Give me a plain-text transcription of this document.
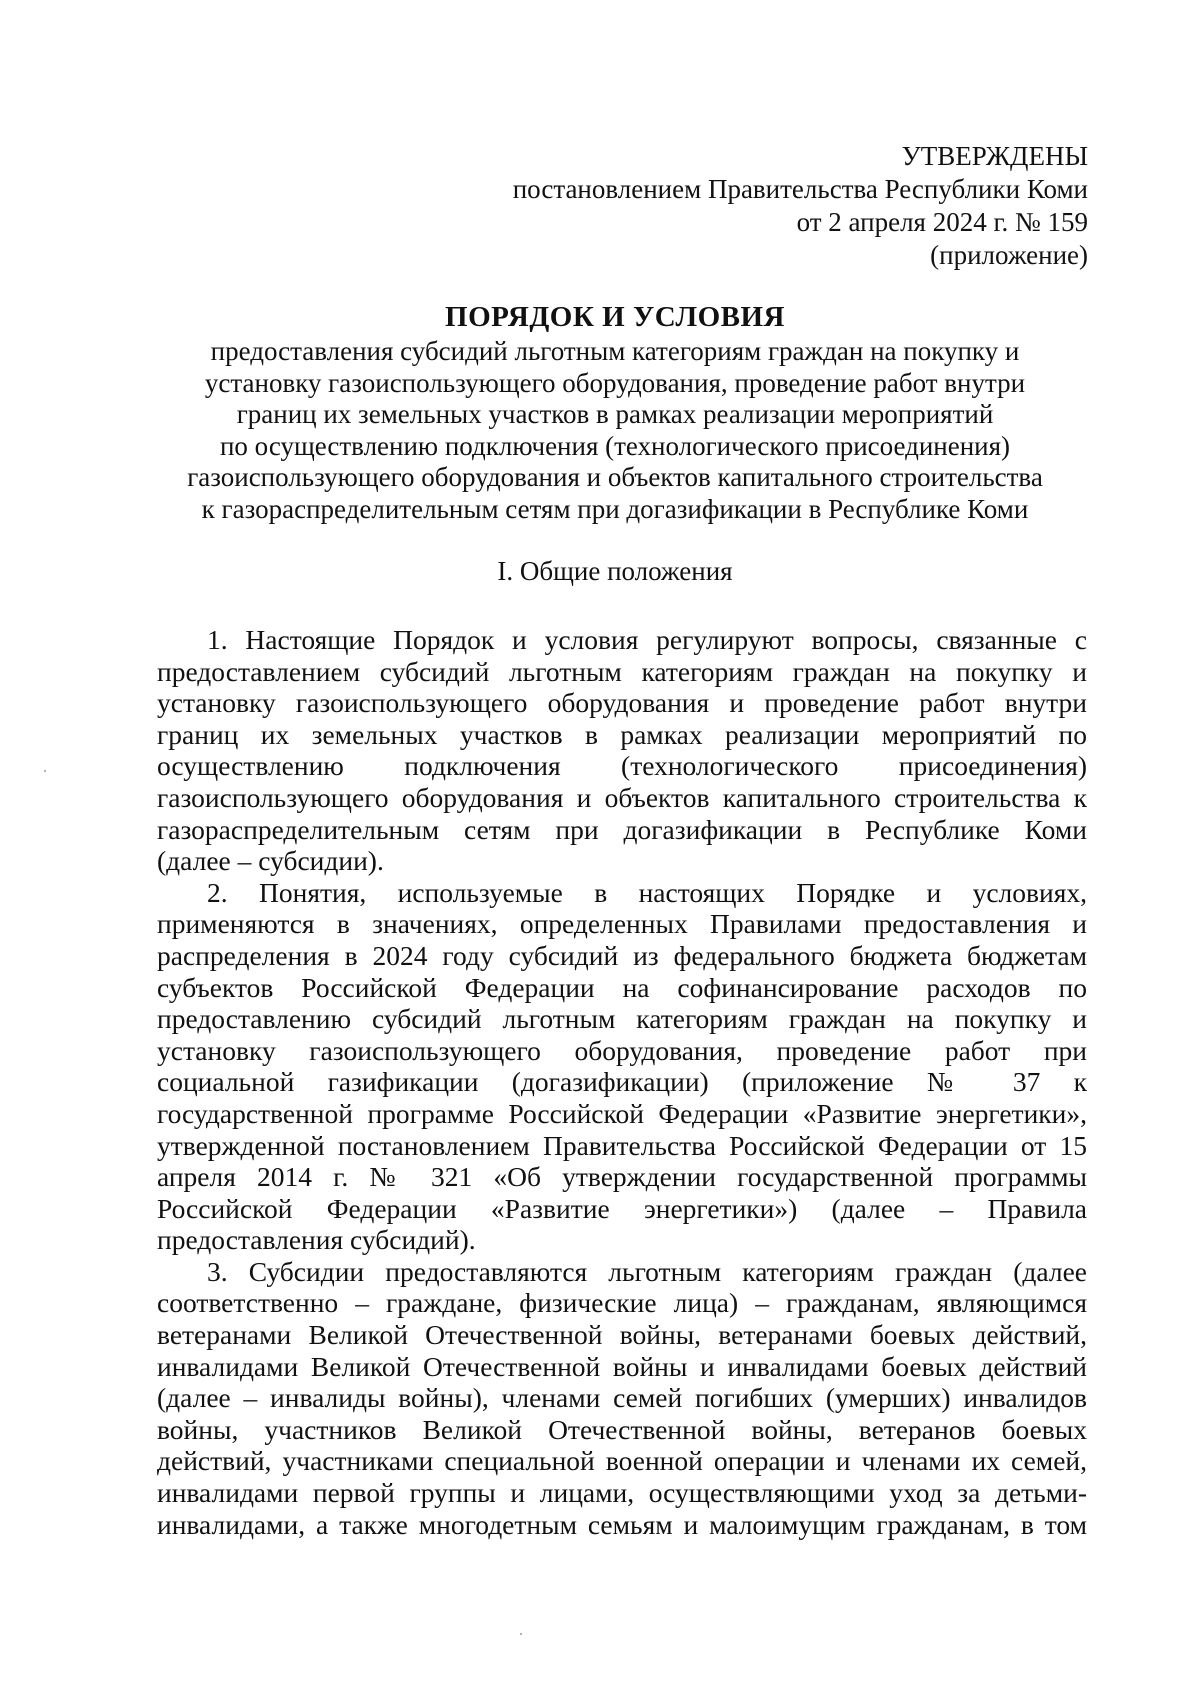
УТВЕРЖДЕНЫ
постановлением Правительства Республики Коми
от 2 апреля 2024 г. № 159
(приложение)
ПОРЯДОК И УСЛОВИЯ
предоставления субсидий льготным категориям граждан на покупку и
установку газоиспользующего оборудования, проведение работ внутри
границ их земельных участков в рамках реализации мероприятий
по осуществлению подключения (технологического присоединения)
газоиспользующего оборудования и объектов капитального строительства
к газораспределительным сетям при догазификации в Республике Коми
I. Общие положения
1. Настоящие Порядок и условия регулируют вопросы, связанные с
предоставлением субсидий льготным категориям граждан на покупку и
установку газоиспользующего оборудования и проведение работ внутри
границ их земельных участков в рамках реализации мероприятий по
осуществлению подключения (технологического присоединения)
газоиспользующего оборудования и объектов капитального строительства к
газораспределительным сетям при догазификации в Республике Коми
(далее – субсидии).
2. Понятия, используемые в настоящих Порядке и условиях,
применяются в значениях, определенных Правилами предоставления и
распределения в 2024 году субсидий из федерального бюджета бюджетам
субъектов Российской Федерации на софинансирование расходов по
предоставлению субсидий льготным категориям граждан на покупку и
установку газоиспользующего оборудования, проведение работ при
социальной газификации (догазификации) (приложение № 37 к
государственной программе Российской Федерации «Развитие энергетики»,
утвержденной постановлением Правительства Российской Федерации от 15
апреля 2014 г. № 321 «Об утверждении государственной программы
Российской Федерации «Развитие энергетики») (далее – Правила
предоставления субсидий).
3. Субсидии предоставляются льготным категориям граждан (далее
соответственно – граждане, физические лица) – гражданам, являющимся
ветеранами Великой Отечественной войны, ветеранами боевых действий,
инвалидами Великой Отечественной войны и инвалидами боевых действий
(далее – инвалиды войны), членами семей погибших (умерших) инвалидов
войны, участников Великой Отечественной войны, ветеранов боевых
действий, участниками специальной военной операции и членами их семей,
инвалидами первой группы и лицами, осуществляющими уход за детьми-
инвалидами, а также многодетным семьям и малоимущим гражданам, в том
